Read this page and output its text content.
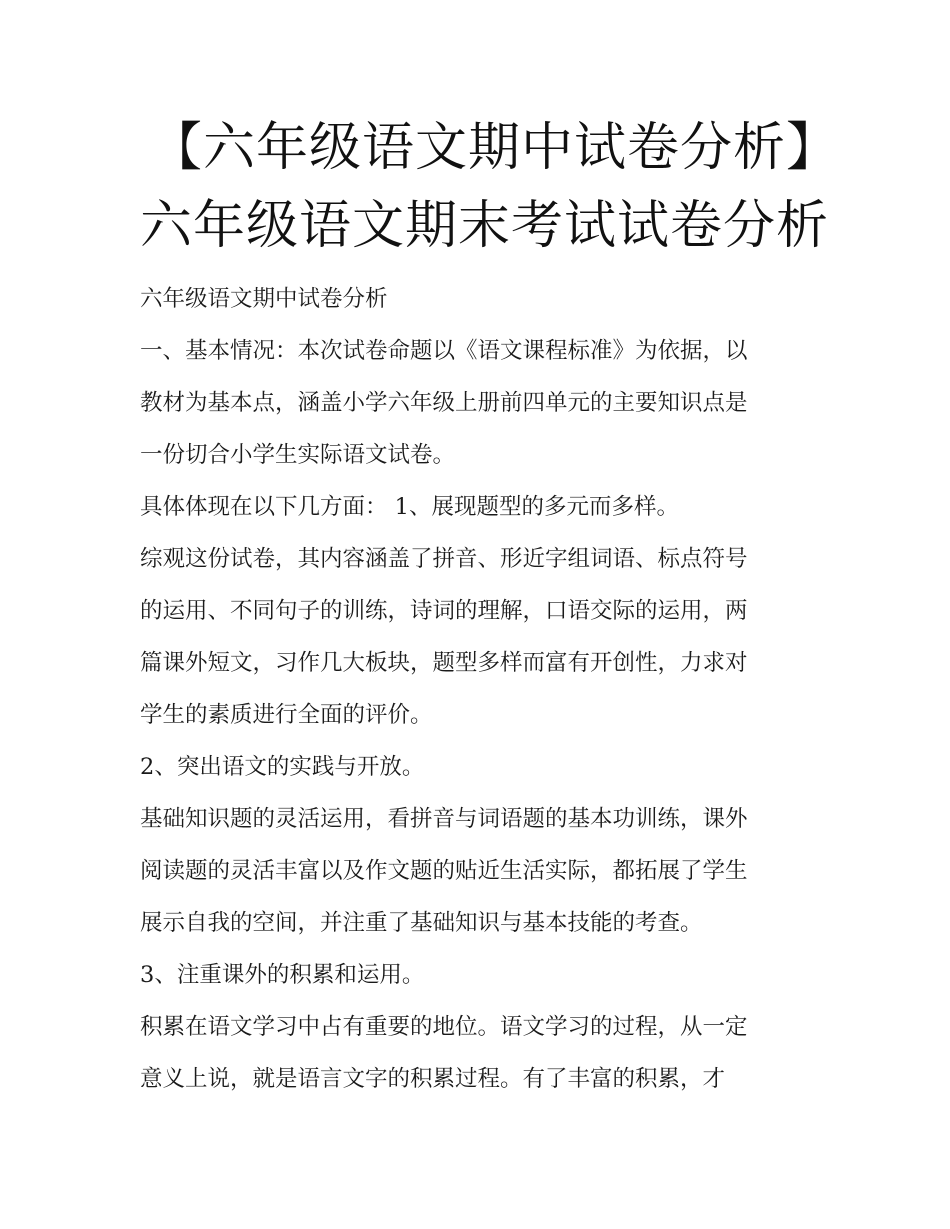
【六年级语文期中试卷分析】
六年级语文期末考试试卷分析
六年级语文期中试卷分析
一、基本情况：本次试卷命题以《语文课程标准》为依据，以
教材为基本点，涵盖小学六年级上册前四单元的主要知识点是
一份切合小学生实际语文试卷。
具体体现在以下几方面： 1、展现题型的多元而多样。
综观这份试卷，其内容涵盖了拼音、形近字组词语、标点符号
的运用、不同句子的训练，诗词的理解，口语交际的运用，两
篇课外短文，习作几大板块，题型多样而富有开创性，力求对
学生的素质进行全面的评价。
2、突出语文的实践与开放。
基础知识题的灵活运用，看拼音与词语题的基本功训练，课外
阅读题的灵活丰富以及作文题的贴近生活实际，都拓展了学生
展示自我的空间，并注重了基础知识与基本技能的考查。
3、注重课外的积累和运用。
积累在语文学习中占有重要的地位。语文学习的过程，从一定
意义上说，就是语言文字的积累过程。有了丰富的积累，才
